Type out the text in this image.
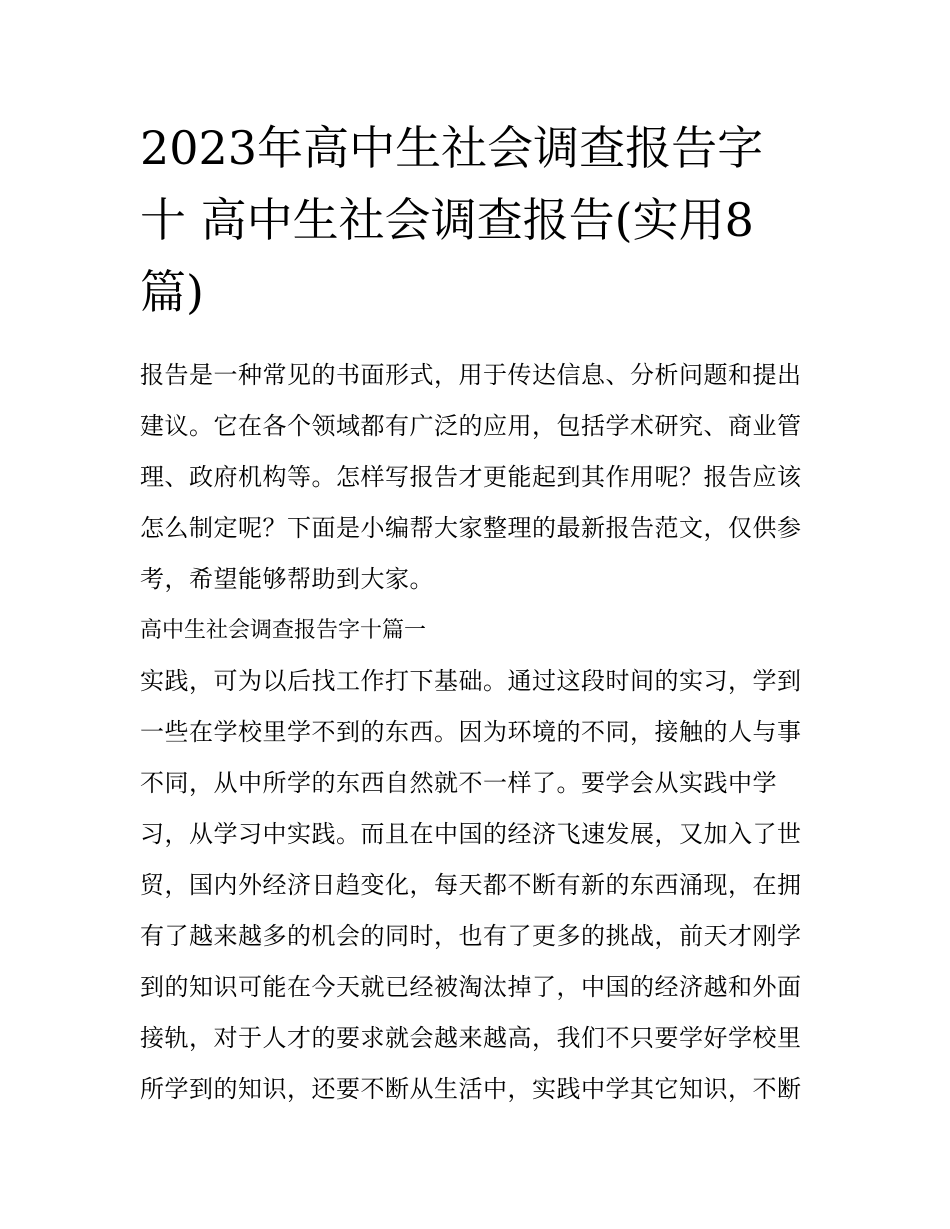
2023年高中生社会调查报告字
十 高中生社会调查报告(实用8
篇)
报告是一种常见的书面形式，用于传达信息、分析问题和提出
建议。它在各个领域都有广泛的应用，包括学术研究、商业管
理、政府机构等。怎样写报告才更能起到其作用呢？报告应该
怎么制定呢？下面是小编帮大家整理的最新报告范文，仅供参
考，希望能够帮助到大家。
高中生社会调查报告字十篇一
实践，可为以后找工作打下基础。通过这段时间的实习，学到
一些在学校里学不到的东西。因为环境的不同，接触的人与事
不同，从中所学的东西自然就不一样了。要学会从实践中学
习，从学习中实践。而且在中国的经济飞速发展，又加入了世
贸，国内外经济日趋变化，每天都不断有新的东西涌现，在拥
有了越来越多的机会的同时，也有了更多的挑战，前天才刚学
到的知识可能在今天就已经被淘汰掉了，中国的经济越和外面
接轨，对于人才的要求就会越来越高，我们不只要学好学校里
所学到的知识，还要不断从生活中，实践中学其它知识，不断
